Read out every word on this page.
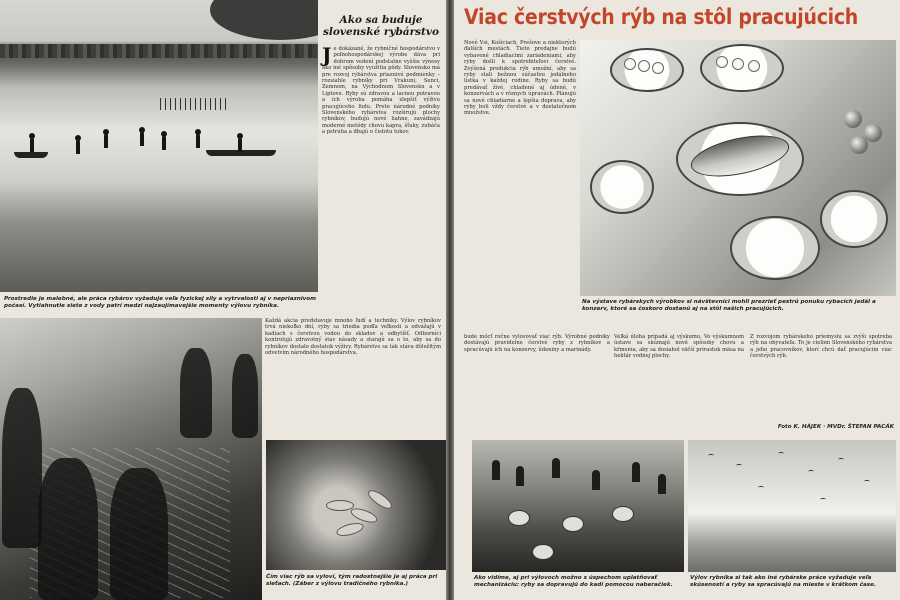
Prostredie je malebné, ale práca rybárov vyžaduje veľa fyzickej sily a vytrvalosti aj v nepriaznivom počasí. Vytiahnutie siete z vody patrí medzi najzaujímavejšie momenty výlovu rybníka.

Ako sa buduje slovenské rybárstvo

Je dokázané, že rybničné hospodárstvo v poľnohospodárskej výrobe dáva pri dobrom vedení podstatne vyššie výnosy ako iné spôsoby využitia pôdy. Slovensko má pre rozvoj rybárstva priaznivé podmienky – rozsiahle rybníky pri Vrakuni, Senci, Zemnom, na Východnom Slovensku a v Liptove. Ryby sú zdravou a lacnou potravou a ich výroba pomáha zlepšiť výživu pracujúceho ľudu. Preto národné podniky Slovenského rybárstva rozširujú plochy rybníkov, budujú nové liahne, zavádzajú moderné metódy chovu kapra, šťuky, zubáča a pstruha a dbajú o čistotu tokov.

Každá akcia predstavuje mnoho ľudí a techniky. Výlov rybníkov trvá niekoľko dní, ryby sa triedia podľa veľkosti a odvážajú v kadiach s čerstvou vodou do skladov a odbytíšť. Odborníci kontrolujú zdravotný stav násady a starajú sa o to, aby sa do rybníkov dostalo dostatok výživy. Rybárstvo sa tak stáva dôležitým odvetvím národného hospodárstva.

Čím viac rýb sa vyloví, tým radostnejšie je aj práca pri sieťach. (Záber z výlovu tradičného rybníka.)

Viac čerstvých rýb na stôl pracujúcich

Nové Vsi, Košiciach, Prešove a niektorých ďalších mestách. Tieto predajne budú vybavené chladiacimi zariadeniami, aby ryby došli k spotrebiteľovi čerstvé. Zvýšená produkcia rýb umožní, aby sa ryby stali bežnou súčasťou jedálneho lístka v každej rodine. Ryby sa budú predávať živé, chladené aj údené, v konzervách a v rôznych úpravách. Plánujú sa nové chladiarne a lepšia doprava, aby ryby boli vždy čerstvé a v dostatočnom množstve.

Na výstave rybárskych výrobkov si návštevníci mohli prezrieť pestrú ponuku rybacích jedál a konzerv, ktoré sa čoskoro dostanú aj na stôl našich pracujúcich.

bude môcť ročne vylovovať viac rýb. Výrobné podniky dostávajú pravidelne čerstvé ryby z rybníkov a spracúvajú ich na konzervy, údeniny a marinády.

Veľká úloha pripadá aj výskumu. Vo výskumnom ústave sa skúmajú nové spôsoby chovu a kŕmenia, aby sa dosiahol väčší prírastok mäsa na hektár vodnej plochy.

Z rozvojom rybárskeho priemyslu sa zvýši spotreba rýb na obyvateľa. To je cieľom Slovenského rybárstva a jeho pracovníkov, ktorí chcú dať pracujúcim viac čerstvých rýb.

Foto K. HÁJEK · MVDr. ŠTEFAN PACÁK

Ako vidíme, aj pri výlovoch možno s úspechom uplatňovať mechanizáciu: ryby sa dopravujú do kadí pomocou naberačiek.

Výlov rybníka si tak ako iné rybárske práce vyžaduje veľa skúseností a ryby sa spracúvajú na mieste v krátkom čase.
